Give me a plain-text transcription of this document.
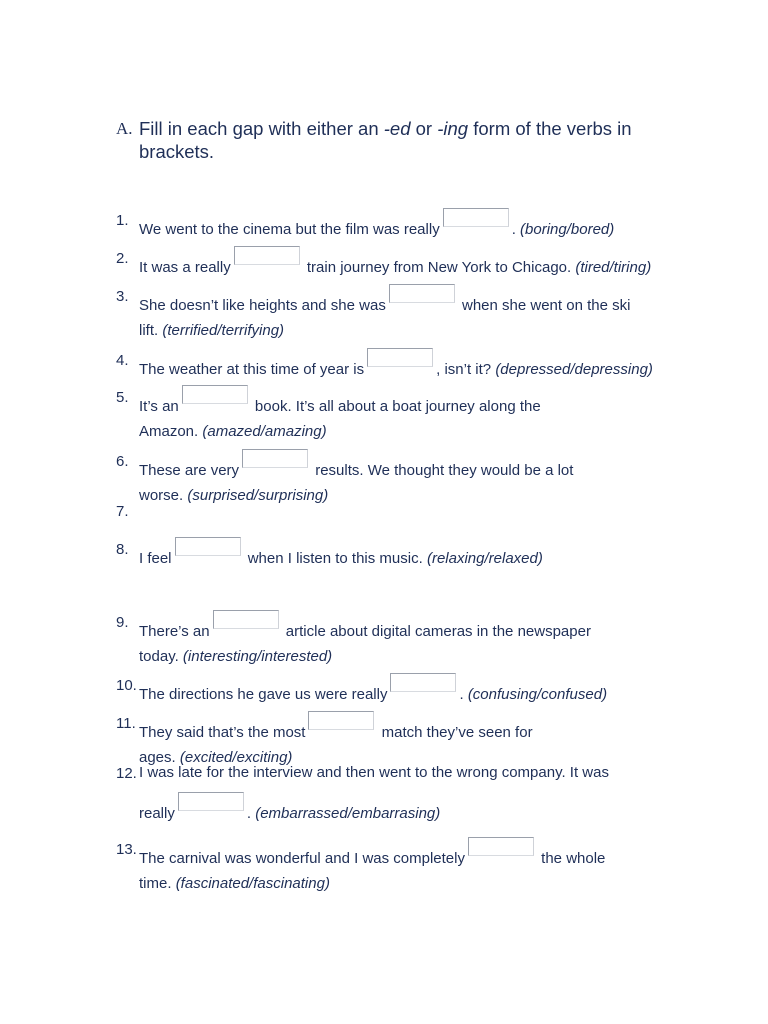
A. Fill in each gap with either an -ed or -ing form of the verbs in
brackets.
1.
We went to the cinema but the film was really	. (boring/bored)
2.
It was a really	train journey from New York to Chicago. (tired/tiring)
3.
She doesn’t like heights and she was	when she went on the ski
lift. (terrified/terrifying)
4.
The weather at this time of year is	, isn’t it? (depressed/depressing)
5.
It’s an	book. It’s all about a boat journey along the
Amazon. (amazed/amazing)
6.
These are very	results. We thought they would be a lot
worse. (surprised/surprising)
7.
8.
I feel	when I listen to this music. (relaxing/relaxed)
9.
There’s an	article about digital cameras in the newspaper
today. (interesting/interested)
10.
The directions he gave us were really	. (confusing/confused)
11.
They said that’s the most	match they’ve seen for
ages. (excited/exciting)
12. I was late for the interview and then went to the wrong company. It was
really	. (embarrassed/embarrasing)
13.
The carnival was wonderful and I was completely	the whole
time. (fascinated/fascinating)
